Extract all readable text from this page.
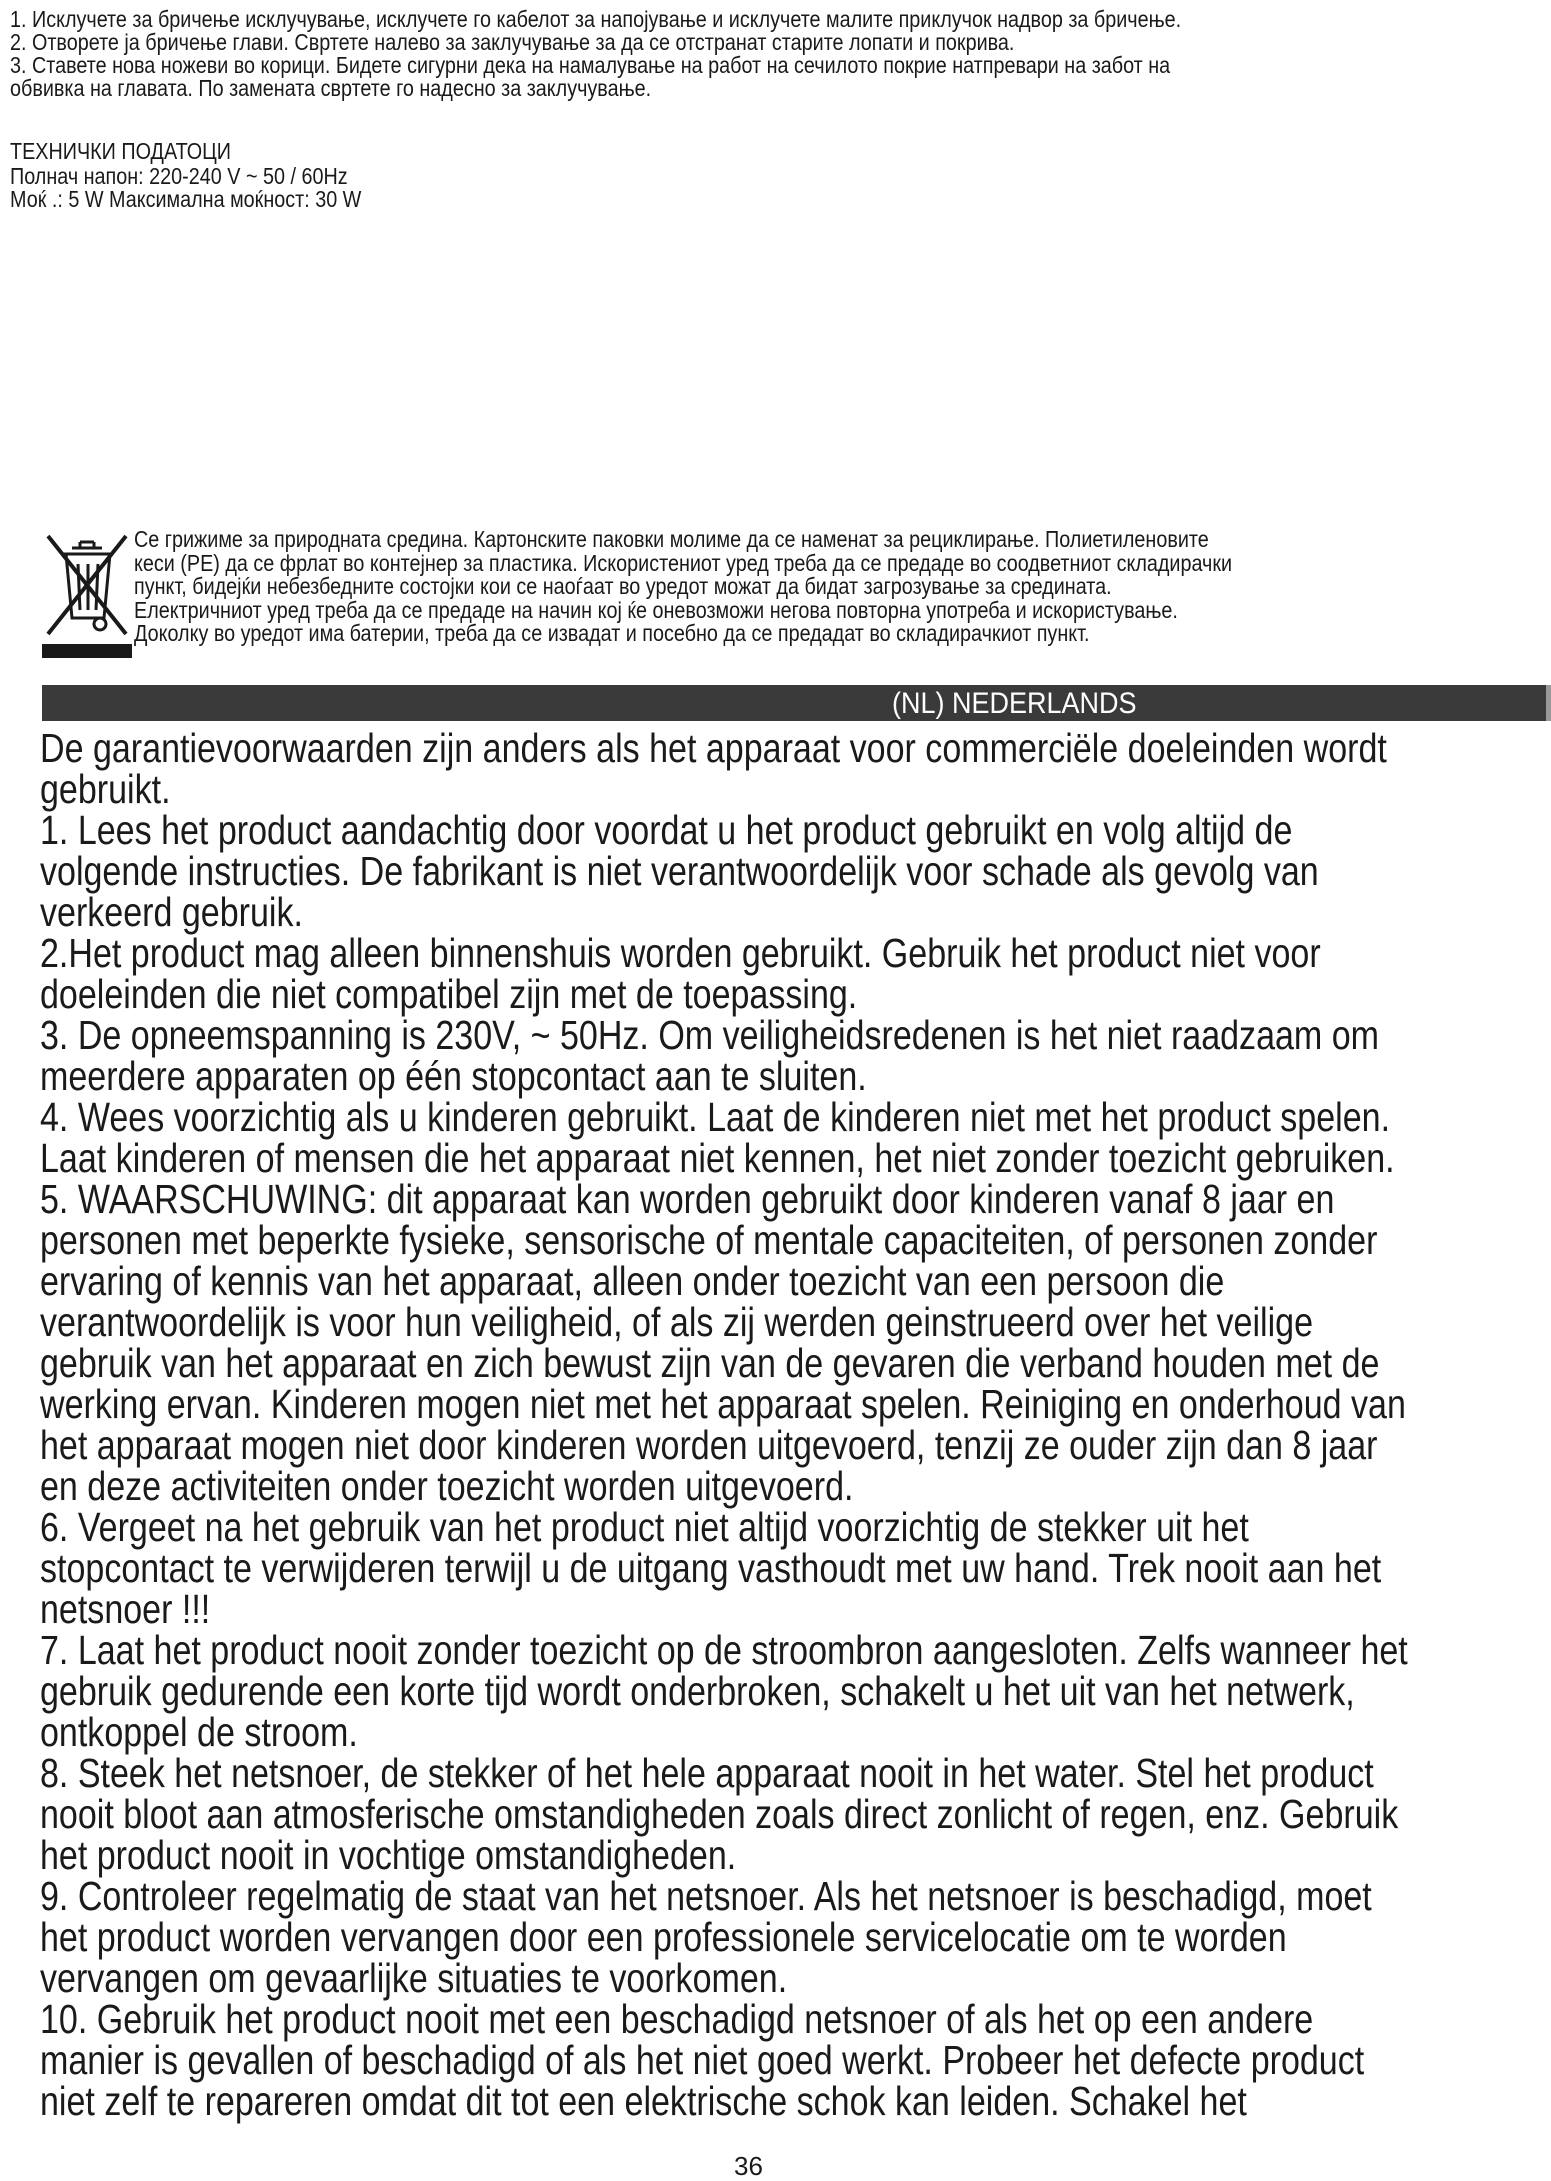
1. Исклучете за бричење исклучување, исклучете го кабелот за напојување и исклучете малите приклучок надвор за бричење.

2. Отворете ја бричење глави. Свртете налево за заклучување за да се отстранат старите лопати и покрива.

3. Ставете нова ножеви во корици. Бидете сигурни дека на намалување на работ на сечилото покрие натпревари на забот на

обвивка на главата. По замената свртете го надесно за заклучување.

ТЕХНИЧКИ ПОДАТОЦИ

Полнач напон: 220-240 V ~ 50 / 60Hz

Моќ .: 5 W Максимална моќност: 30 W

Се грижиме за природната средина. Картонските паковки молиме да се наменат за рециклирање. Полиетиленовите

кеси (PE) да се фрлат во контејнер за пластика. Искористениот уред треба да се предаде во соодветниот складирачки

пункт, бидејќи небезбедните состојки кои се наоѓаат во уредот можат да бидат загрозување за средината.

Електричниот уред треба да се предаде на начин кој ќе оневозможи негова повторна употреба и искористување.

Доколку во уредот има батерии, треба да се извадат и посебно да се предадат во складирачкиот пункт.

(NL) NEDERLANDS

De garantievoorwaarden zijn anders als het apparaat voor commerciële doeleinden wordt

gebruikt.

1. Lees het product aandachtig door voordat u het product gebruikt en volg altijd de

volgende instructies. De fabrikant is niet verantwoordelijk voor schade als gevolg van

verkeerd gebruik.

2.Het product mag alleen binnenshuis worden gebruikt. Gebruik het product niet voor

doeleinden die niet compatibel zijn met de toepassing.

3. De opneemspanning is 230V, ~ 50Hz. Om veiligheidsredenen is het niet raadzaam om

meerdere apparaten op één stopcontact aan te sluiten.

4. Wees voorzichtig als u kinderen gebruikt. Laat de kinderen niet met het product spelen.

Laat kinderen of mensen die het apparaat niet kennen, het niet zonder toezicht gebruiken.

5. WAARSCHUWING: dit apparaat kan worden gebruikt door kinderen vanaf 8 jaar en

personen met beperkte fysieke, sensorische of mentale capaciteiten, of personen zonder

ervaring of kennis van het apparaat, alleen onder toezicht van een persoon die

verantwoordelijk is voor hun veiligheid, of als zij werden geinstrueerd over het veilige

gebruik van het apparaat en zich bewust zijn van de gevaren die verband houden met de

werking ervan. Kinderen mogen niet met het apparaat spelen. Reiniging en onderhoud van

het apparaat mogen niet door kinderen worden uitgevoerd, tenzij ze ouder zijn dan 8 jaar

en deze activiteiten onder toezicht worden uitgevoerd.

6. Vergeet na het gebruik van het product niet altijd voorzichtig de stekker uit het

stopcontact te verwijderen terwijl u de uitgang vasthoudt met uw hand. Trek nooit aan het

netsnoer !!!

7. Laat het product nooit zonder toezicht op de stroombron aangesloten. Zelfs wanneer het

gebruik gedurende een korte tijd wordt onderbroken, schakelt u het uit van het netwerk,

ontkoppel de stroom.

8. Steek het netsnoer, de stekker of het hele apparaat nooit in het water. Stel het product

nooit bloot aan atmosferische omstandigheden zoals direct zonlicht of regen, enz. Gebruik

het product nooit in vochtige omstandigheden.

9. Controleer regelmatig de staat van het netsnoer. Als het netsnoer is beschadigd, moet

het product worden vervangen door een professionele servicelocatie om te worden

vervangen om gevaarlijke situaties te voorkomen.

10. Gebruik het product nooit met een beschadigd netsnoer of als het op een andere

manier is gevallen of beschadigd of als het niet goed werkt. Probeer het defecte product

niet zelf te repareren omdat dit tot een elektrische schok kan leiden. Schakel het

36
